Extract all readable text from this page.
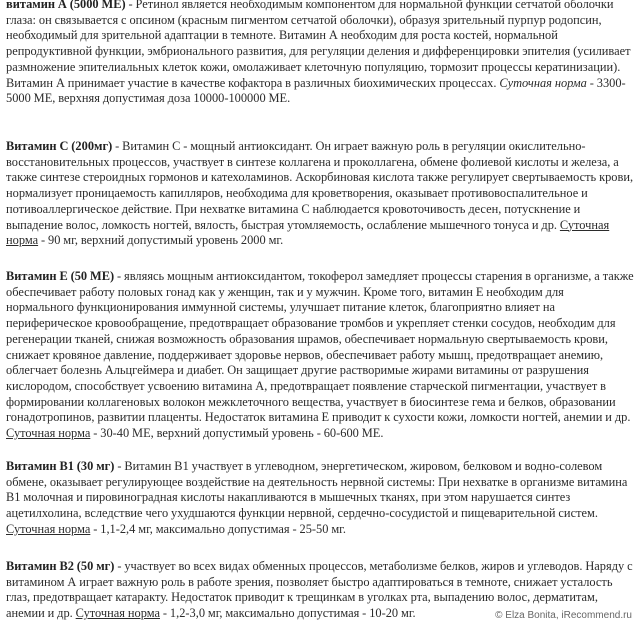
витамин А (5000 МЕ) - Ретинол является необходимым компонентом для нормальной функции сетчатой оболочки глаза: он связывается с опсином (красным пигментом сетчатой оболочки), образуя зрительный пурпур родопсин, необходимый для зрительной адаптации в темноте. Витамин А необходим для роста костей, нормальной репродуктивной функции, эмбрионального развития, для регуляции деления и дифференцировки эпителия (усиливает размножение эпителиальных клеток кожи, омолаживает клеточную популяцию, тормозит процессы кератинизации). Витамин А принимает участие в качестве кофактора в различных биохимических процессах. Суточная норма - 3300-5000 МЕ, верхняя допустимая доза 10000-100000 МЕ.

Витамин С (200мг) - Витамин С - мощный антиоксидант. Он играет важную роль в регуляции окислительно-восстановительных процессов, участвует в синтезе коллагена и проколлагена, обмене фолиевой кислоты и железа, а также синтезе стероидных гормонов и катехоламинов. Аскорбиновая кислота также регулирует свертываемость крови, нормализует проницаемость капилляров, необходима для кроветворения, оказывает противовоспалительное и потивоаллергическое действие. При нехватке витамина С наблюдается кровоточивость десен, потускнение и выпадение волос, ломкость ногтей, вялость, быстрая утомляемость, ослабление мышечного тонуса и др. Суточная норма - 90 мг, верхний допустимый уровень 2000 мг.

Витамин Е (50 МЕ) - являясь мощным антиоксидантом, токоферол замедляет процессы старения в организме, а также обеспечивает работу половых гонад как у женщин, так и у мужчин. Кроме того, витамин Е необходим для нормального функционирования иммунной системы, улучшает питание клеток, благоприятно влияет на периферическое кровообращение, предотвращает образование тромбов и укрепляет стенки сосудов, необходим для регенерации тканей, снижая возможность образования шрамов, обеспечивает нормальную свертываемость крови, снижает кровяное давление, поддерживает здоровье нервов, обеспечивает работу мышц, предотвращает анемию, облегчает болезнь Альцгеймера и диабет. Он защищает другие растворимые жирами витамины от разрушения кислородом, способствует усвоению витамина А, предотвращает появление старческой пигментации, участвует в формировании коллагеновых волокон межклеточного вещества, участвует в биосинтезе гема и белков, образовании гонадотропинов, развитии плаценты. Недостаток витамина Е приводит к сухости кожи, ломкости ногтей, анемии и др. Суточная норма - 30-40 МЕ, верхний допустимый уровень - 60-600 МЕ.

Витамин В1 (30 мг) - Витамин В1 участвует в углеводном, энергетическом, жировом, белковом и водно-солевом обмене, оказывает регулирующее воздействие на деятельность нервной системы: При нехватке в организме витамина В1 молочная и пировиноградная кислоты накапливаются в мышечных тканях, при этом нарушается синтез ацетилхолина, вследствие чего ухудшаются функции нервной, сердечно-сосудистой и пищеварительной систем. Суточная норма - 1,1-2,4 мг, максимально допустимая - 25-50 мг.

Витамин В2 (50 мг) - участвует во всех видах обменных процессов, метаболизме белков, жиров и углеводов. Наряду с витамином А играет важную роль в работе зрения, позволяет быстро адаптироваться в темноте, снижает усталость глаз, предотвращает катаракту. Недостаток приводит к трещинкам в уголках рта, выпадению волос, дерматитам, анемии и др. Суточная норма - 1,2-3,0 мг, максимально допустимая - 10-20 мг.	© Elza Bonita, iRecommend.ru
